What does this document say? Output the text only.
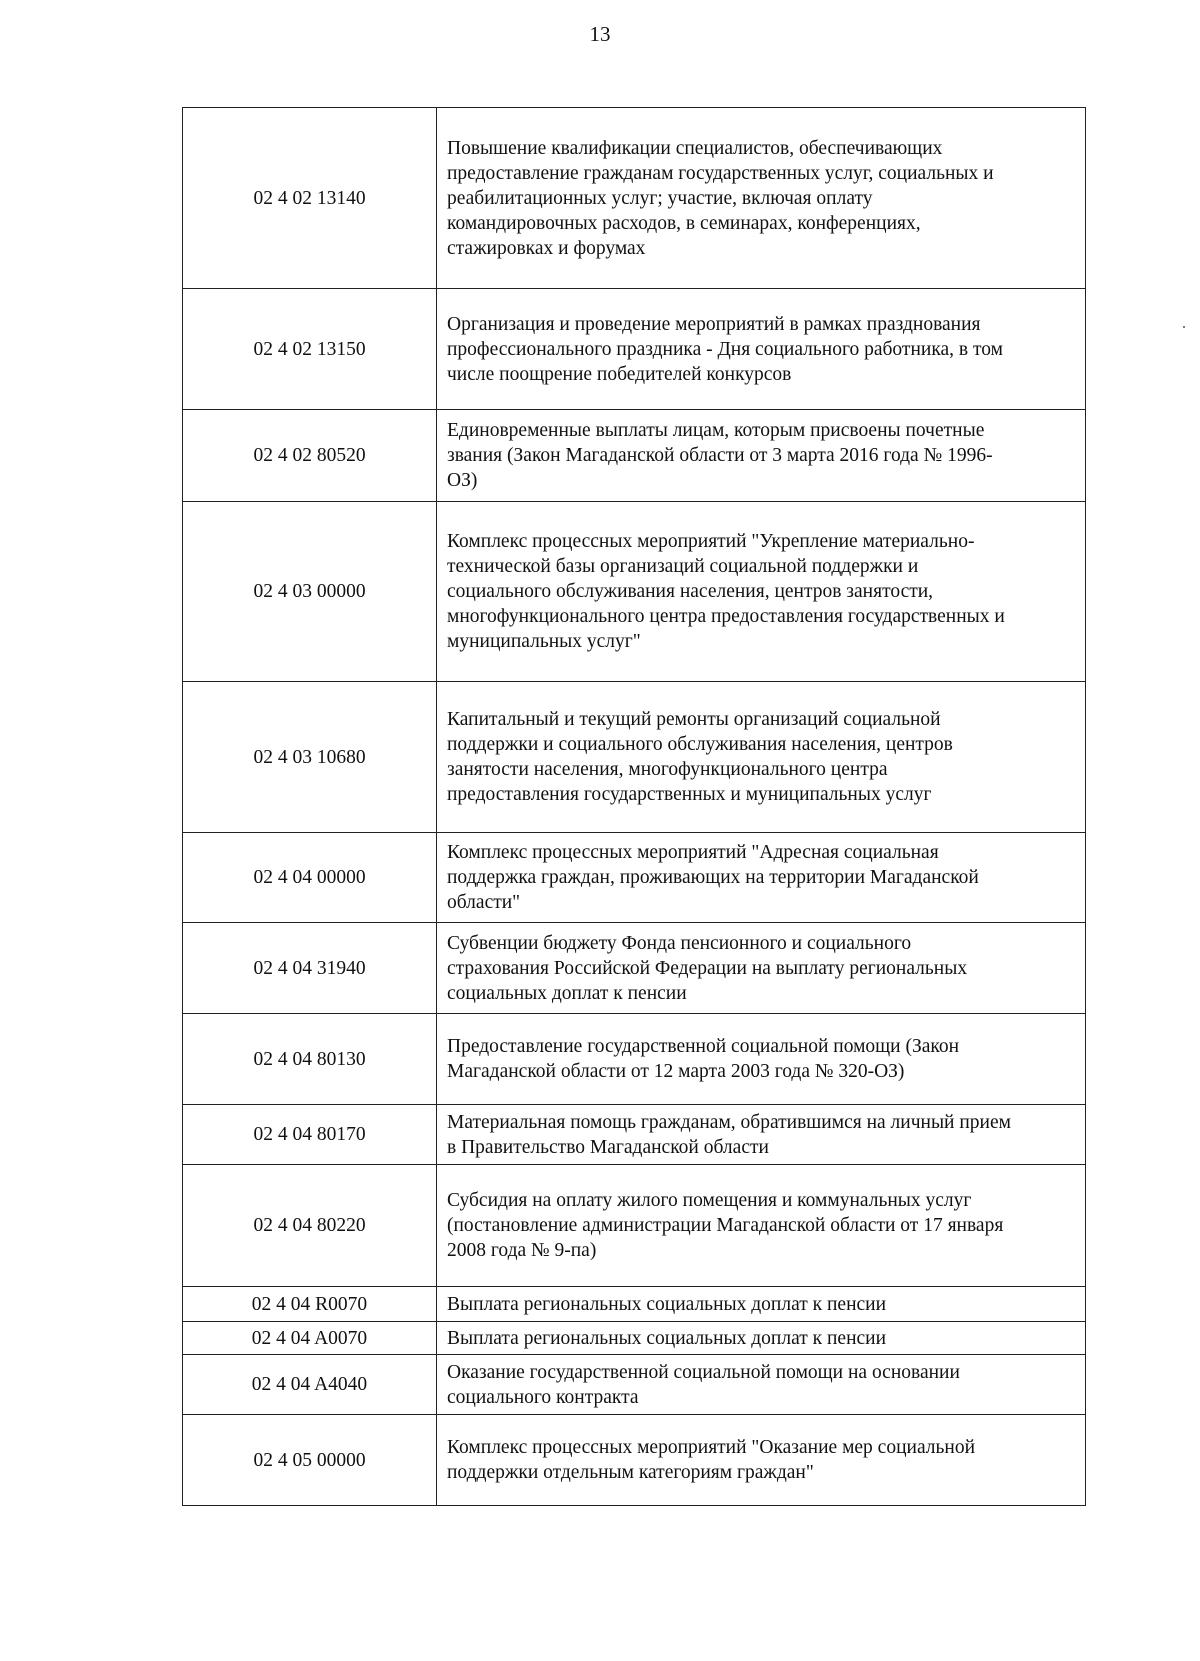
13
02 4 02 13140	Повышение квалификации специалистов, обеспечивающих
предоставление гражданам государственных услуг, социальных и
реабилитационных услуг; участие, включая оплату
командировочных расходов, в семинарах, конференциях,
стажировках и форумах

02 4 02 13150	Организация и проведение мероприятий в рамках празднования
профессионального праздника - Дня социального работника, в том
числе поощрение победителей конкурсов

02 4 02 80520	Единовременные выплаты лицам, которым присвоены почетные
звания (Закон Магаданской области от 3 марта 2016 года № 1996-
ОЗ)

02 4 03 00000	Комплекс процессных мероприятий "Укрепление материально-
технической базы организаций социальной поддержки и
социального обслуживания населения, центров занятости,
многофункционального центра предоставления государственных и
муниципальных услуг"

02 4 03 10680	Капитальный и текущий ремонты организаций социальной
поддержки и социального обслуживания населения, центров
занятости населения, многофункционального центра
предоставления государственных и муниципальных услуг

02 4 04 00000	Комплекс процессных мероприятий "Адресная социальная
поддержка граждан, проживающих на территории Магаданской
области"

02 4 04 31940	Субвенции бюджету Фонда пенсионного и социального
страхования Российской Федерации на выплату региональных
социальных доплат к пенсии

02 4 04 80130	Предоставление государственной социальной помощи (Закон
Магаданской области от 12 марта 2003 года № 320-ОЗ)

02 4 04 80170	Материальная помощь гражданам, обратившимся на личный прием
в Правительство Магаданской области

02 4 04 80220	Субсидия на оплату жилого помещения и коммунальных услуг
(постановление администрации Магаданской области от 17 января
2008 года № 9-па)

02 4 04 R0070	Выплата региональных социальных доплат к пенсии

02 4 04 A0070	Выплата региональных социальных доплат к пенсии

02 4 04 A4040	Оказание государственной социальной помощи на основании
социального контракта

02 4 05 00000	Комплекс процессных мероприятий "Оказание мер социальной
поддержки отдельным категориям граждан"
